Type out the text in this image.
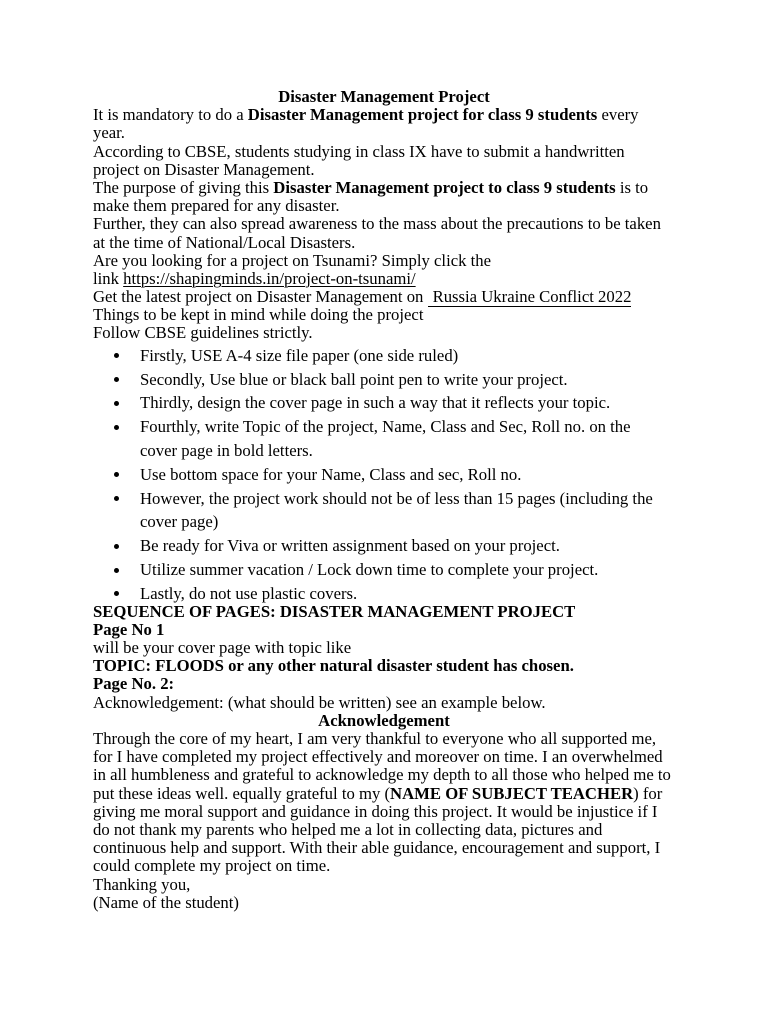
Disaster Management Project
It is mandatory to do a Disaster Management project for class 9 students every
year.
According to CBSE, students studying in class IX have to submit a handwritten
project on Disaster Management.
The purpose of giving this Disaster Management project to class 9 students is to
make them prepared for any disaster.
Further, they can also spread awareness to the mass about the precautions to be taken
at the time of National/Local Disasters.
Are you looking for a project on Tsunami? Simply click the
link https://shapingminds.in/project-on-tsunami/
Get the latest project on Disaster Management on Russia Ukraine Conflict 2022
Things to be kept in mind while doing the project
Follow CBSE guidelines strictly.
Firstly, USE A-4 size file paper (one side ruled)
Secondly, Use blue or black ball point pen to write your project.
Thirdly, design the cover page in such a way that it reflects your topic.
Fourthly, write Topic of the project, Name, Class and Sec, Roll no. on the
cover page in bold letters.
Use bottom space for your Name, Class and sec, Roll no.
However, the project work should not be of less than 15 pages (including the
cover page)
Be ready for Viva or written assignment based on your project.
Utilize summer vacation / Lock down time to complete your project.
Lastly, do not use plastic covers.
SEQUENCE OF PAGES: DISASTER MANAGEMENT PROJECT
Page No 1
will be your cover page with topic like
TOPIC: FLOODS or any other natural disaster student has chosen.
Page No. 2:
Acknowledgement: (what should be written) see an example below.
Acknowledgement
Through the core of my heart, I am very thankful to everyone who all supported me,
for I have completed my project effectively and moreover on time. I an overwhelmed
in all humbleness and grateful to acknowledge my depth to all those who helped me to
put these ideas well. equally grateful to my (NAME OF SUBJECT TEACHER) for
giving me moral support and guidance in doing this project. It would be injustice if I
do not thank my parents who helped me a lot in collecting data, pictures and
continuous help and support. With their able guidance, encouragement and support, I
could complete my project on time.
Thanking you,
(Name of the student)
